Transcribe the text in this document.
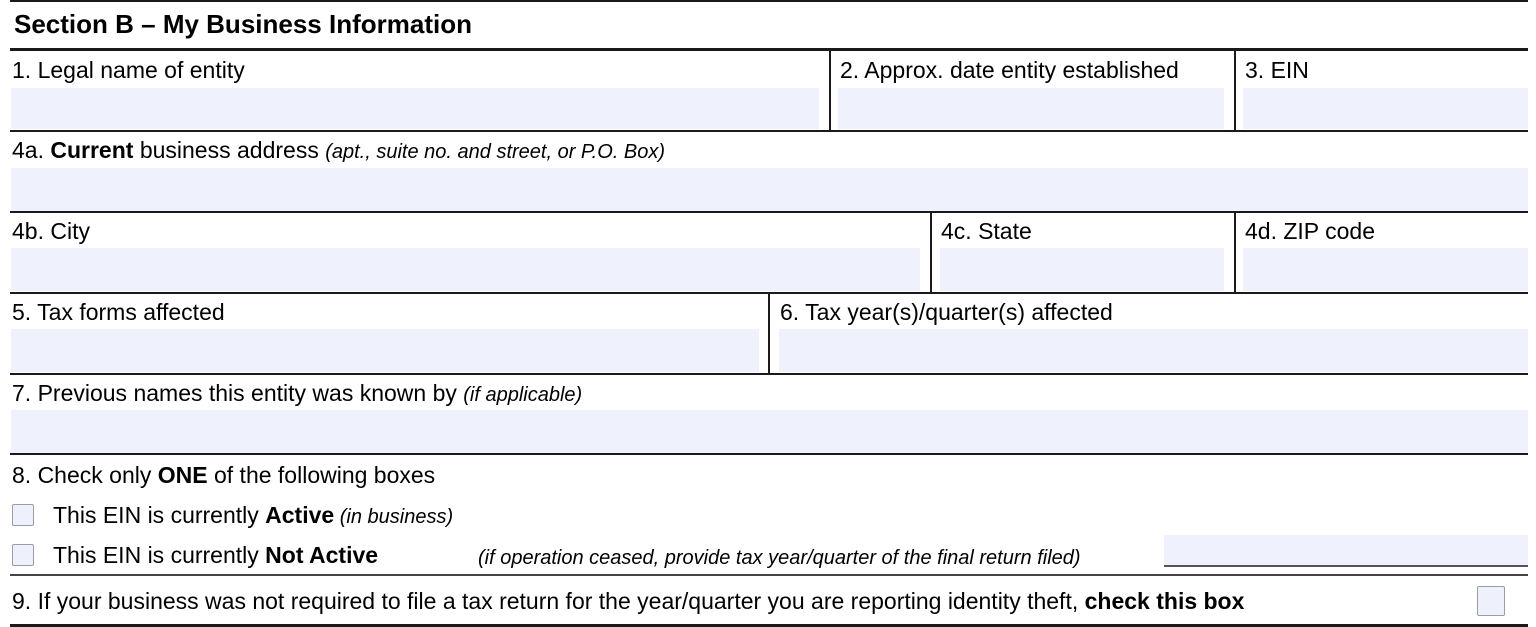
Section B – My Business Information
1. Legal name of entity	2. Approx. date entity established	3. EIN
4a. Current business address (apt., suite no. and street, or P.O. Box)
4b. City	4c. State	4d. ZIP code
5. Tax forms affected	6. Tax year(s)/quarter(s) affected
7. Previous names this entity was known by (if applicable)
8. Check only ONE of the following boxes
This EIN is currently Active (in business)
This EIN is currently Not Active	(if operation ceased, provide tax year/quarter of the final return filed)
9. If your business was not required to file a tax return for the year/quarter you are reporting identity theft, check this box
